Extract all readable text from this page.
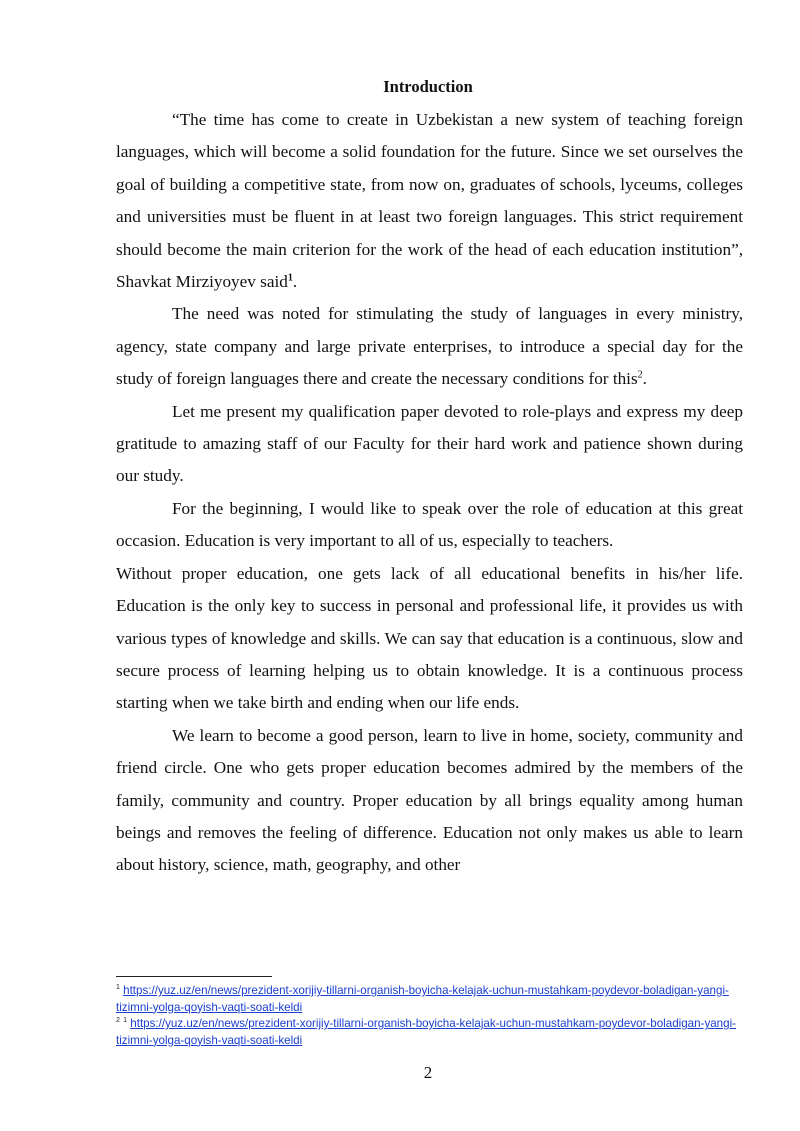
Introduction

“The time has come to create in Uzbekistan a new system of teaching foreign languages, which will become a solid foundation for the future. Since we set ourselves the goal of building a competitive state, from now on, graduates of schools, lyceums, colleges and universities must be fluent in at least two foreign languages. This strict requirement should become the main criterion for the work of the head of each education institution”, Shavkat Mirziyoyev said$^1$.

The need was noted for stimulating the study of languages in every ministry, agency, state company and large private enterprises, to introduce a special day for the study of foreign languages there and create the necessary conditions for this$^2$.

Let me present my qualification paper devoted to role-plays and express my deep gratitude to amazing staff of our Faculty for their hard work and patience shown during our study.

For the beginning, I would like to speak over the role of education at this great occasion. Education is very important to all of us, especially to teachers.

Without proper education, one gets lack of all educational benefits in his/her life. Education is the only key to success in personal and professional life, it provides us with various types of knowledge and skills. We can say that education is a continuous, slow and secure process of learning helping us to obtain knowledge. It is a continuous process starting when we take birth and ending when our life ends.

We learn to become a good person, learn to live in home, society, community and friend circle. One who gets proper education becomes admired by the members of the family, community and country. Proper education by all brings equality among human beings and removes the feeling of difference. Education not only makes us able to learn about history, science, math, geography, and other

$^1$ https://yuz.uz/en/news/prezident-xorijiy-tillarni-organish-boyicha-kelajak-uchun-mustahkam-poydevor-boladigan-yangi-tizimni-yolga-qoyish-vaqti-soati-keldi

$^2$ $^1$ https://yuz.uz/en/news/prezident-xorijiy-tillarni-organish-boyicha-kelajak-uchun-mustahkam-poydevor-boladigan-yangi-tizimni-yolga-qoyish-vaqti-soati-keldi

2
